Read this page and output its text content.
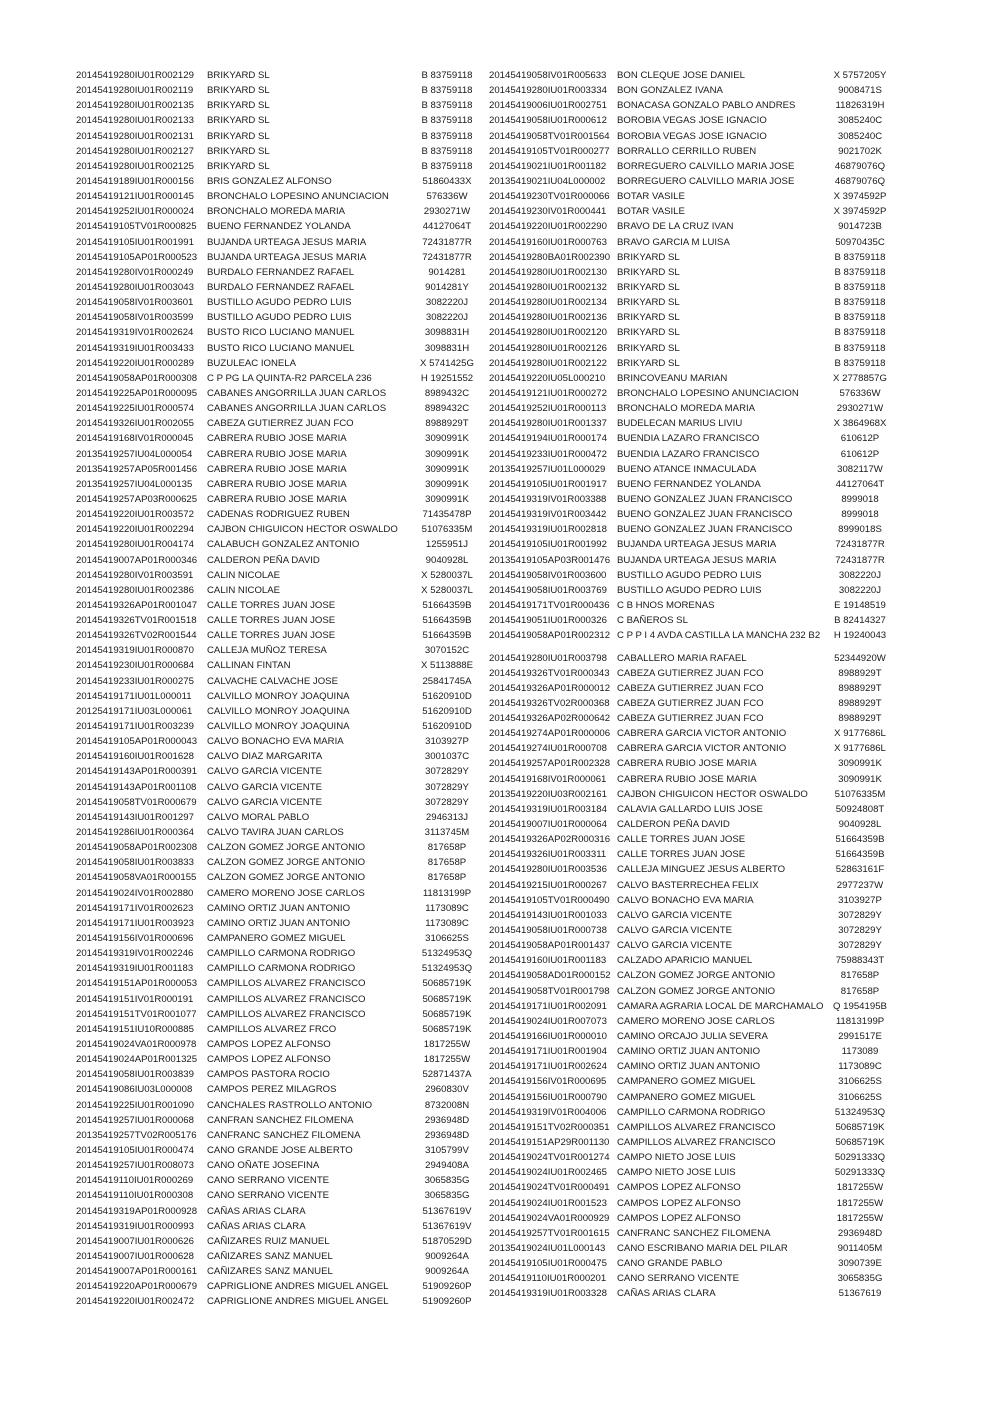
20145419280IU01R002129	BRIKYARD SL	B 83759118
20145419280IU01R002119	BRIKYARD SL	B 83759118
20145419280IU01R002135	BRIKYARD SL	B 83759118
20145419280IU01R002133	BRIKYARD SL	B 83759118
20145419280IU01R002131	BRIKYARD SL	B 83759118
20145419280IU01R002127	BRIKYARD SL	B 83759118
20145419280IU01R002125	BRIKYARD SL	B 83759118
20145419189IU01R000156	BRIS GONZALEZ ALFONSO	51860433X
20145419121IU01R000145	BRONCHALO LOPESINO ANUNCIACION	576336W
20145419252IU01R000024	BRONCHALO MOREDA MARIA	2930271W
20145419105TV01R000825	BUENO FERNANDEZ YOLANDA	44127064T
20145419105IU01R001991	BUJANDA URTEAGA JESUS MARIA	72431877R
20145419105AP01R000523	BUJANDA URTEAGA JESUS MARIA	72431877R
20145419280IV01R000249	BURDALO FERNANDEZ RAFAEL	9014281
20145419280IU01R003043	BURDALO FERNANDEZ RAFAEL	9014281Y
20145419058IV01R003601	BUSTILLO AGUDO PEDRO LUIS	3082220J
20145419058IV01R003599	BUSTILLO AGUDO PEDRO LUIS	3082220J
20145419319IV01R002624	BUSTO RICO LUCIANO MANUEL	3098831H
20145419319IU01R003433	BUSTO RICO LUCIANO MANUEL	3098831H
20145419220IU01R000289	BUZULEAC IONELA	X 5741425G
20145419058AP01R000308	C P PG LA QUINTA-R2 PARCELA 236	H 19251552
20145419225AP01R000095	CABANES ANGORRILLA JUAN CARLOS	8989432C
20145419225IU01R000574	CABANES ANGORRILLA JUAN CARLOS	8989432C
20145419326IU01R002055	CABEZA GUTIERREZ JUAN FCO	8988929T
20145419168IV01R000045	CABRERA RUBIO JOSE MARIA	3090991K
20135419257IU04L000054	CABRERA RUBIO JOSE MARIA	3090991K
20135419257AP05R001456	CABRERA RUBIO JOSE MARIA	3090991K
20135419257IU04L000135	CABRERA RUBIO JOSE MARIA	3090991K
20145419257AP03R000625	CABRERA RUBIO JOSE MARIA	3090991K
20145419220IU01R003572	CADENAS RODRIGUEZ RUBEN	71435478P
20145419220IU01R002294	CAJBON CHIGUICON HECTOR OSWALDO	51076335M
20145419280IU01R004174	CALABUCH GONZALEZ ANTONIO	1255951J
20145419007AP01R000346	CALDERON PEÑA DAVID	9040928L
20145419280IV01R003591	CALIN NICOLAE	X 5280037L
20145419280IU01R002386	CALIN NICOLAE	X 5280037L
20145419326AP01R001047	CALLE TORRES JUAN JOSE	51664359B
20145419326TV01R001518	CALLE TORRES JUAN JOSE	51664359B
20145419326TV02R001544	CALLE TORRES JUAN JOSE	51664359B
20145419319IU01R000870	CALLEJA MUÑOZ TERESA	3070152C
20145419230IU01R000684	CALLINAN FINTAN	X 5113888E
20145419233IU01R000275	CALVACHE CALVACHE JOSE	25841745A
20145419171IU01L000011	CALVILLO MONROY JOAQUINA	51620910D
20125419171IU03L000061	CALVILLO MONROY JOAQUINA	51620910D
20145419171IU01R003239	CALVILLO MONROY JOAQUINA	51620910D
20145419105AP01R000043	CALVO BONACHO EVA MARIA	3103927P
20145419160IU01R001628	CALVO DIAZ MARGARITA	3001037C
20145419143AP01R000391	CALVO GARCIA VICENTE	3072829Y
20145419143AP01R001108	CALVO GARCIA VICENTE	3072829Y
20145419058TV01R000679	CALVO GARCIA VICENTE	3072829Y
20145419143IU01R001297	CALVO MORAL PABLO	2946313J
20145419286IU01R000364	CALVO TAVIRA JUAN CARLOS	3113745M
20145419058AP01R002308	CALZON GOMEZ JORGE ANTONIO	817658P
20145419058IU01R003833	CALZON GOMEZ JORGE ANTONIO	817658P
20145419058VA01R000155	CALZON GOMEZ JORGE ANTONIO	817658P
20145419024IV01R002880	CAMERO MORENO JOSE CARLOS	11813199P
20145419171IV01R002623	CAMINO ORTIZ JUAN ANTONIO	1173089C
20145419171IU01R003923	CAMINO ORTIZ JUAN ANTONIO	1173089C
20145419156IV01R000696	CAMPANERO GOMEZ MIGUEL	3106625S
20145419319IV01R002246	CAMPILLO CARMONA RODRIGO	51324953Q
20145419319IU01R001183	CAMPILLO CARMONA RODRIGO	51324953Q
20145419151AP01R000053	CAMPILLOS ALVAREZ FRANCISCO	50685719K
20145419151IV01R000191	CAMPILLOS ALVAREZ FRANCISCO	50685719K
20145419151TV01R001077	CAMPILLOS ALVAREZ FRANCISCO	50685719K
20145419151IU10R000885	CAMPILLOS ALVAREZ FRCO	50685719K
20145419024VA01R000978	CAMPOS LOPEZ ALFONSO	1817255W
20145419024AP01R001325	CAMPOS LOPEZ ALFONSO	1817255W
20145419058IU01R003839	CAMPOS PASTORA ROCIO	52871437A
20145419086IU03L000008	CAMPOS PEREZ MILAGROS	2960830V
20145419225IU01R001090	CANCHALES RASTROLLO ANTONIO	8732008N
20145419257IU01R000068	CANFRAN SANCHEZ FILOMENA	2936948D
20135419257TV02R005176	CANFRANC SANCHEZ FILOMENA	2936948D
20145419105IU01R000474	CANO GRANDE JOSE ALBERTO	3105799V
20145419257IU01R008073	CANO OÑATE JOSEFINA	2949408A
20145419110IU01R000269	CANO SERRANO VICENTE	3065835G
20145419110IU01R000308	CANO SERRANO VICENTE	3065835G
20145419319AP01R000928	CAÑAS ARIAS CLARA	51367619V
20145419319IU01R000993	CAÑAS ARIAS CLARA	51367619V
20145419007IU01R000626	CAÑIZARES RUIZ MANUEL	51870529D
20145419007IU01R000628	CAÑIZARES SANZ MANUEL	9009264A
20145419007AP01R000161	CAÑIZARES SANZ MANUEL	9009264A
20145419220AP01R000679	CAPRIGLIONE ANDRES MIGUEL ANGEL	51909260P
20145419220IU01R002472	CAPRIGLIONE ANDRES MIGUEL ANGEL	51909260P
20145419058IV01R005633	BON CLEQUE JOSE DANIEL	X 5757205Y
20145419280IU01R003334	BON GONZALEZ IVANA	9008471S
20145419006IU01R002751	BONACASA GONZALO PABLO ANDRES	11826319H
20145419058IU01R000612	BOROBIA VEGAS JOSE IGNACIO	3085240C
20145419058TV01R001564 BOROBIA VEGAS JOSE IGNACIO	3085240C
20145419105TV01R000277 BORRALLO CERRILLO RUBEN	9021702K
20145419021IU01R001182	BORREGUERO CALVILLO MARIA JOSE	46879076Q
20135419021IU04L000002	BORREGUERO CALVILLO MARIA JOSE	46879076Q
20145419230TV01R000066 BOTAR VASILE	X 3974592P
20145419230IV01R000441	BOTAR VASILE	X 3974592P
20145419220IU01R002290	BRAVO DE LA CRUZ IVAN	9014723B
20145419160IU01R000763	BRAVO GARCIA M LUISA	50970435C
20145419280BA01R002390 BRIKYARD SL	B 83759118
20145419280IU01R002130	BRIKYARD SL	B 83759118
20145419280IU01R002132	BRIKYARD SL	B 83759118
20145419280IU01R002134	BRIKYARD SL	B 83759118
20145419280IU01R002136	BRIKYARD SL	B 83759118
20145419280IU01R002120	BRIKYARD SL	B 83759118
20145419280IU01R002126	BRIKYARD SL	B 83759118
20145419280IU01R002122	BRIKYARD SL	B 83759118
20145419220IU05L000210	BRINCOVEANU MARIAN	X 2778857G
20145419121IU01R000272	BRONCHALO LOPESINO ANUNCIACION	576336W
20145419252IU01R000113	BRONCHALO MOREDA MARIA	2930271W
20145419280IU01R001337	BUDELECAN MARIUS LIVIU	X 3864968X
20145419194IU01R000174	BUENDIA LAZARO FRANCISCO	610612P
20145419233IU01R000472	BUENDIA LAZARO FRANCISCO	610612P
20135419257IU01L000029	BUENO ATANCE INMACULADA	3082117W
20145419105IU01R001917	BUENO FERNANDEZ YOLANDA	44127064T
20145419319IV01R003388	BUENO GONZALEZ JUAN FRANCISCO	8999018
20145419319IV01R003442	BUENO GONZALEZ JUAN FRANCISCO	8999018
20145419319IU01R002818	BUENO GONZALEZ JUAN FRANCISCO	8999018S
20145419105IU01R001992	BUJANDA URTEAGA JESUS MARIA	72431877R
20135419105AP03R001476 BUJANDA URTEAGA JESUS MARIA	72431877R
20145419058IV01R003600	BUSTILLO AGUDO PEDRO LUIS	3082220J
20145419058IU01R003769	BUSTILLO AGUDO PEDRO LUIS	3082220J
20145419171TV01R000436 C B HNOS MORENAS	E 19148519
20145419051IU01R000326	C BAÑEROS SL	B 82414327
20145419058AP01R002312 C P P I 4 AVDA CASTILLA LA MANCHA 232 B2	H 19240043
20145419280IU01R003798	CABALLERO MARIA RAFAEL	52344920W
20145419326TV01R000343 CABEZA GUTIERREZ JUAN FCO	8988929T
20145419326AP01R000012 CABEZA GUTIERREZ JUAN FCO	8988929T
20145419326TV02R000368 CABEZA GUTIERREZ JUAN FCO	8988929T
20145419326AP02R000642 CABEZA GUTIERREZ JUAN FCO	8988929T
20145419274AP01R000006 CABRERA GARCIA VICTOR ANTONIO	X 9177686L
20145419274IU01R000708	CABRERA GARCIA VICTOR ANTONIO	X 9177686L
20145419257AP01R002328 CABRERA RUBIO JOSE MARIA	3090991K
20145419168IV01R000061	CABRERA RUBIO JOSE MARIA	3090991K
20135419220IU03R002161	CAJBON CHIGUICON HECTOR OSWALDO	51076335M
20145419319IU01R003184	CALAVIA GALLARDO LUIS JOSE	50924808T
20145419007IU01R000064	CALDERON PEÑA DAVID	9040928L
20145419326AP02R000316 CALLE TORRES JUAN JOSE	51664359B
20145419326IU01R003311	CALLE TORRES JUAN JOSE	51664359B
20145419280IU01R003536	CALLEJA MINGUEZ JESUS ALBERTO	52863161F
20145419215IU01R000267	CALVO BASTERRECHEA FELIX	2977237W
20145419105TV01R000490 CALVO BONACHO EVA MARIA	3103927P
20145419143IU01R001033	CALVO GARCIA VICENTE	3072829Y
20145419058IU01R000738	CALVO GARCIA VICENTE	3072829Y
20145419058AP01R001437 CALVO GARCIA VICENTE	3072829Y
20145419160IU01R001183	CALZADO APARICIO MANUEL	75988343T
20145419058AD01R000152 CALZON GOMEZ JORGE ANTONIO	817658P
20145419058TV01R001798 CALZON GOMEZ JORGE ANTONIO	817658P
20145419171IU01R002091	CAMARA AGRARIA LOCAL DE MARCHAMALO Q 1954195B
20145419024IU01R007073	CAMERO MORENO JOSE CARLOS	11813199P
20145419166IU01R000010	CAMINO ORCAJO JULIA SEVERA	2991517E
20145419171IU01R001904	CAMINO ORTIZ JUAN ANTONIO	1173089
20145419171IU01R002624	CAMINO ORTIZ JUAN ANTONIO	1173089C
20145419156IV01R000695	CAMPANERO GOMEZ MIGUEL	3106625S
20145419156IU01R000790	CAMPANERO GOMEZ MIGUEL	3106625S
20145419319IV01R004006	CAMPILLO CARMONA RODRIGO	51324953Q
20145419151TV02R000351 CAMPILLOS ALVAREZ FRANCISCO	50685719K
20145419151AP29R001130 CAMPILLOS ALVAREZ FRANCISCO	50685719K
20145419024TV01R001274 CAMPO NIETO JOSE LUIS	50291333Q
20145419024IU01R002465	CAMPO NIETO JOSE LUIS	50291333Q
20145419024TV01R000491 CAMPOS LOPEZ ALFONSO	1817255W
20145419024IU01R001523	CAMPOS LOPEZ ALFONSO	1817255W
20145419024VA01R000929 CAMPOS LOPEZ ALFONSO	1817255W
20145419257TV01R001615 CANFRANC SANCHEZ FILOMENA	2936948D
20135419024IU01L000143	CANO ESCRIBANO MARIA DEL PILAR	9011405M
20145419105IU01R000475	CANO GRANDE PABLO	3090739E
20145419110IU01R000201	CANO SERRANO VICENTE	3065835G
20145419319IU01R003328	CAÑAS ARIAS CLARA	51367619
